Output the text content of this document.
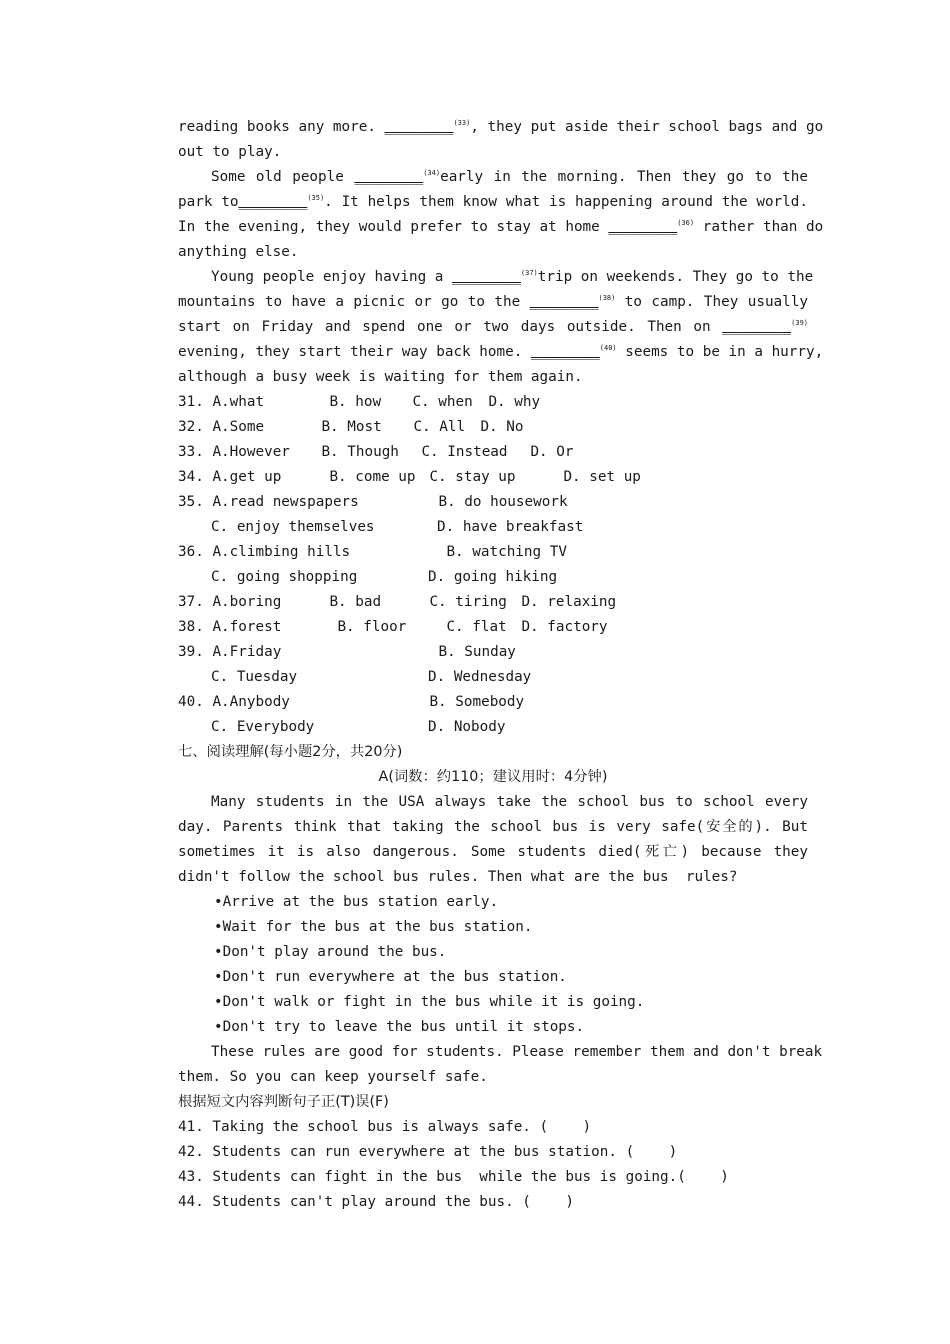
reading books any more. ________$^{(33)}$, they put aside their school bags and go
out to play.
Some old people ________$^{(34)}$early in the morning. Then they go to the
park to________$^{(35)}$. It helps them know what is happening around the world.
In the evening, they would prefer to stay at home ________$^{(36)}$ rather than do
anything else.
Young people enjoy having a ________$^{(37)}$trip on weekends. They go to the
mountains to have a picnic or go to the ________$^{(38)}$ to camp. They usually
start on Friday and spend one or two days outside. Then on ________$^{(39)}$
evening, they start their way back home. ________$^{(40)}$ seems to be in a hurry,
although a busy week is waiting for them again.
31. A.what	B. how C. when D. why
32. A.Some	B. Most C. All D. No
33. A.However B. Though C. Instead D. Or
34. A.get up	B. come up C. stay up	D. set up
35. A.read newspapers	B. do housework
C. enjoy themselves	D. have breakfast
36. A.climbing hills	B. watching TV
C. going shopping	D. going hiking
37. A.boring	B. bad	C. tiring D. relaxing
38. A.forest	B. floor	C. flat D. factory
39. A.Friday	B. Sunday
C. Tuesday	D. Wednesday
40. A.Anybody	B. Somebody
C. Everybody	D. Nobody
七、阅读理解(每小题2分，共20分)
A(词数：约110；建议用时：4分钟)
Many students in the USA always take the school bus to school every
day. Parents think that taking the school bus is very safe(安全的). But
sometimes it is also dangerous. Some students died(死亡) because they
didn't follow the school bus rules. Then what are the bus  rules?
•Arrive at the bus station early.
•Wait for the bus at the bus station.
•Don't play around the bus.
•Don't run everywhere at the bus station.
•Don't walk or fight in the bus while it is going.
•Don't try to leave the bus until it stops.
These rules are good for students. Please remember them and don't break
them. So you can keep yourself safe.
根据短文内容判断句子正(T)误(F)
41. Taking the school bus is always safe. (    )
42. Students can run everywhere at the bus station. (    )
43. Students can fight in the bus  while the bus is going.(    )
44. Students can't play around the bus. (    )
